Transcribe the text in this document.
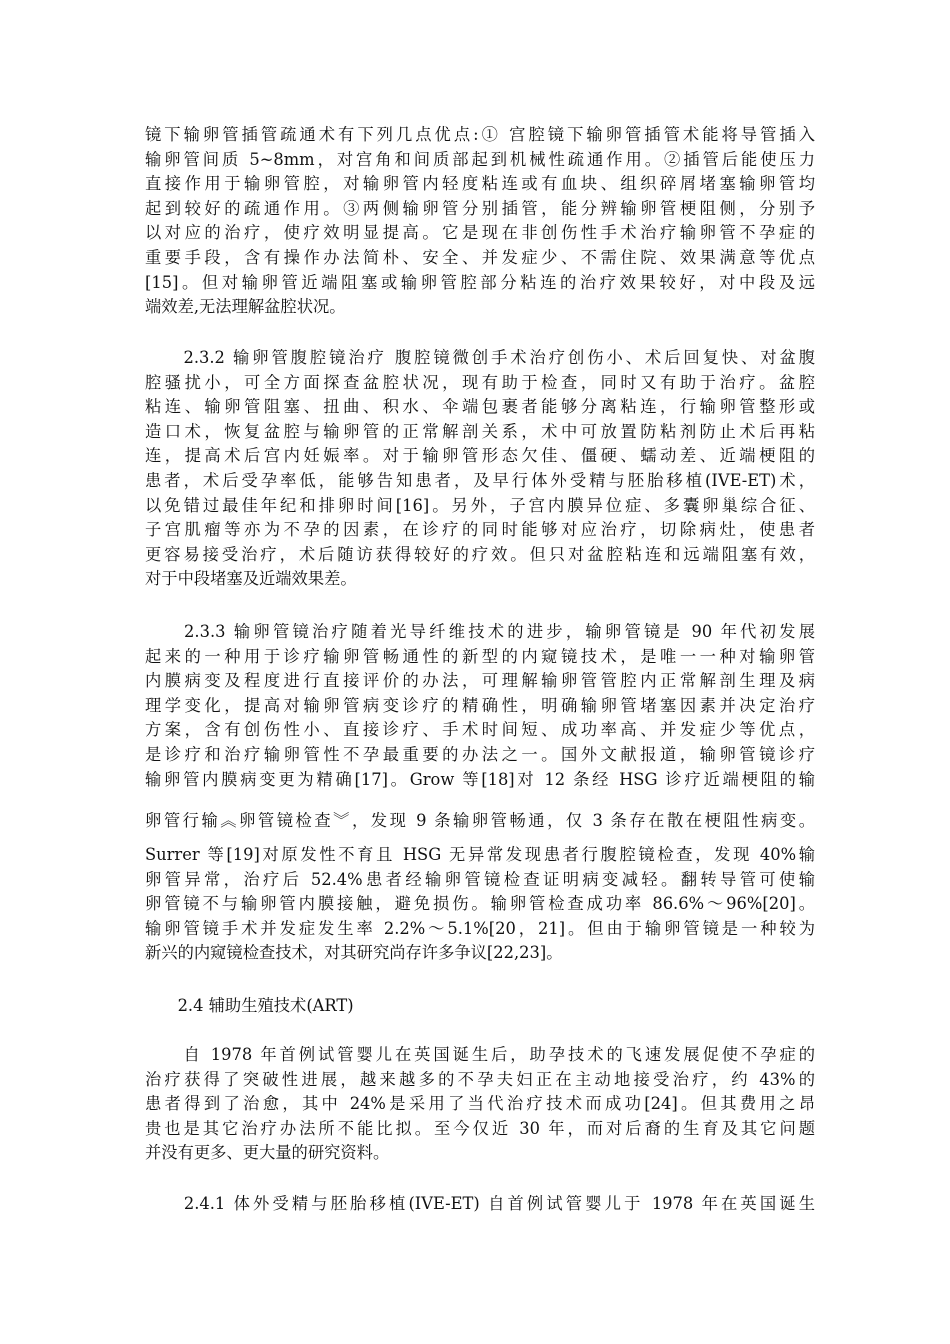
镜下输卵管插管疏通术有下列几点优点:① 宫腔镜下输卵管插管术能将导管插入
输卵管间质 5~8mm，对宫角和间质部起到机械性疏通作用。②插管后能使压力
直接作用于输卵管腔，对输卵管内轻度粘连或有血块、组织碎屑堵塞输卵管均
起到较好的疏通作用。③两侧输卵管分别插管，能分辨输卵管梗阻侧，分别予
以对应的治疗，使疗效明显提高。它是现在非创伤性手术治疗输卵管不孕症的
重要手段，含有操作办法简朴、安全、并发症少、不需住院、效果满意等优点
[15]。但对输卵管近端阻塞或输卵管腔部分粘连的治疗效果较好，对中段及远
端效差,无法理解盆腔状况。
　　2.3.2 输卵管腹腔镜治疗 腹腔镜微创手术治疗创伤小、术后回复快、对盆腹
腔骚扰小，可全方面探查盆腔状况，现有助于检查，同时又有助于治疗。盆腔
粘连、输卵管阻塞、扭曲、积水、伞端包裹者能够分离粘连，行输卵管整形或
造口术，恢复盆腔与输卵管的正常解剖关系，术中可放置防粘剂防止术后再粘
连，提高术后宫内妊娠率。对于输卵管形态欠佳、僵硬、蠕动差、近端梗阻的
患者，术后受孕率低，能够告知患者，及早行体外受精与胚胎移植(IVE-ET)术，
以免错过最佳年纪和排卵时间[16]。另外，子宫内膜异位症、多囊卵巢综合征、
子宫肌瘤等亦为不孕的因素，在诊疗的同时能够对应治疗，切除病灶，使患者
更容易接受治疗，术后随访获得较好的疗效。但只对盆腔粘连和远端阻塞有效，
对于中段堵塞及近端效果差。
　　2.3.3 输卵管镜治疗随着光导纤维技术的进步，输卵管镜是 90 年代初发展
起来的一种用于诊疗输卵管畅通性的新型的内窥镜技术，是唯一一种对输卵管
内膜病变及程度进行直接评价的办法，可理解输卵管管腔内正常解剖生理及病
理学变化，提高对输卵管病变诊疗的精确性，明确输卵管堵塞因素并决定治疗
方案，含有创伤性小、直接诊疗、手术时间短、成功率高、并发症少等优点，
是诊疗和治疗输卵管性不孕最重要的办法之一。国外文献报道，输卵管镜诊疗
输卵管内膜病变更为精确[17]。Grow 等[18]对 12 条经 HSG 诊疗近端梗阻的输
卵管行输︽卵管镜检查︾，发现 9 条输卵管畅通，仅 3 条存在散在梗阻性病变。
Surrer 等[19]对原发性不育且 HSG 无异常发现患者行腹腔镜检查，发现 40%输
卵管异常，治疗后 52.4%患者经输卵管镜检查证明病变减轻。翻转导管可使输
卵管镜不与输卵管内膜接触，避免损伤。输卵管检查成功率 86.6%～96%[20]。
输卵管镜手术并发症发生率 2.2%～5.1%[20，21]。但由于输卵管镜是一种较为
新兴的内窥镜检查技术，对其研究尚存许多争议[22,23]。
　　2.4 辅助生殖技术(ART)
　　自 1978 年首例试管婴儿在英国诞生后，助孕技术的飞速发展促使不孕症的
治疗获得了突破性进展，越来越多的不孕夫妇正在主动地接受治疗，约 43%的
患者得到了治愈，其中 24%是采用了当代治疗技术而成功[24]。但其费用之昂
贵也是其它治疗办法所不能比拟。至今仅近 30 年，而对后裔的生育及其它问题
并没有更多、更大量的研究资料。
　　2.4.1 体外受精与胚胎移植(IVE-ET) 自首例试管婴儿于 1978 年在英国诞生
